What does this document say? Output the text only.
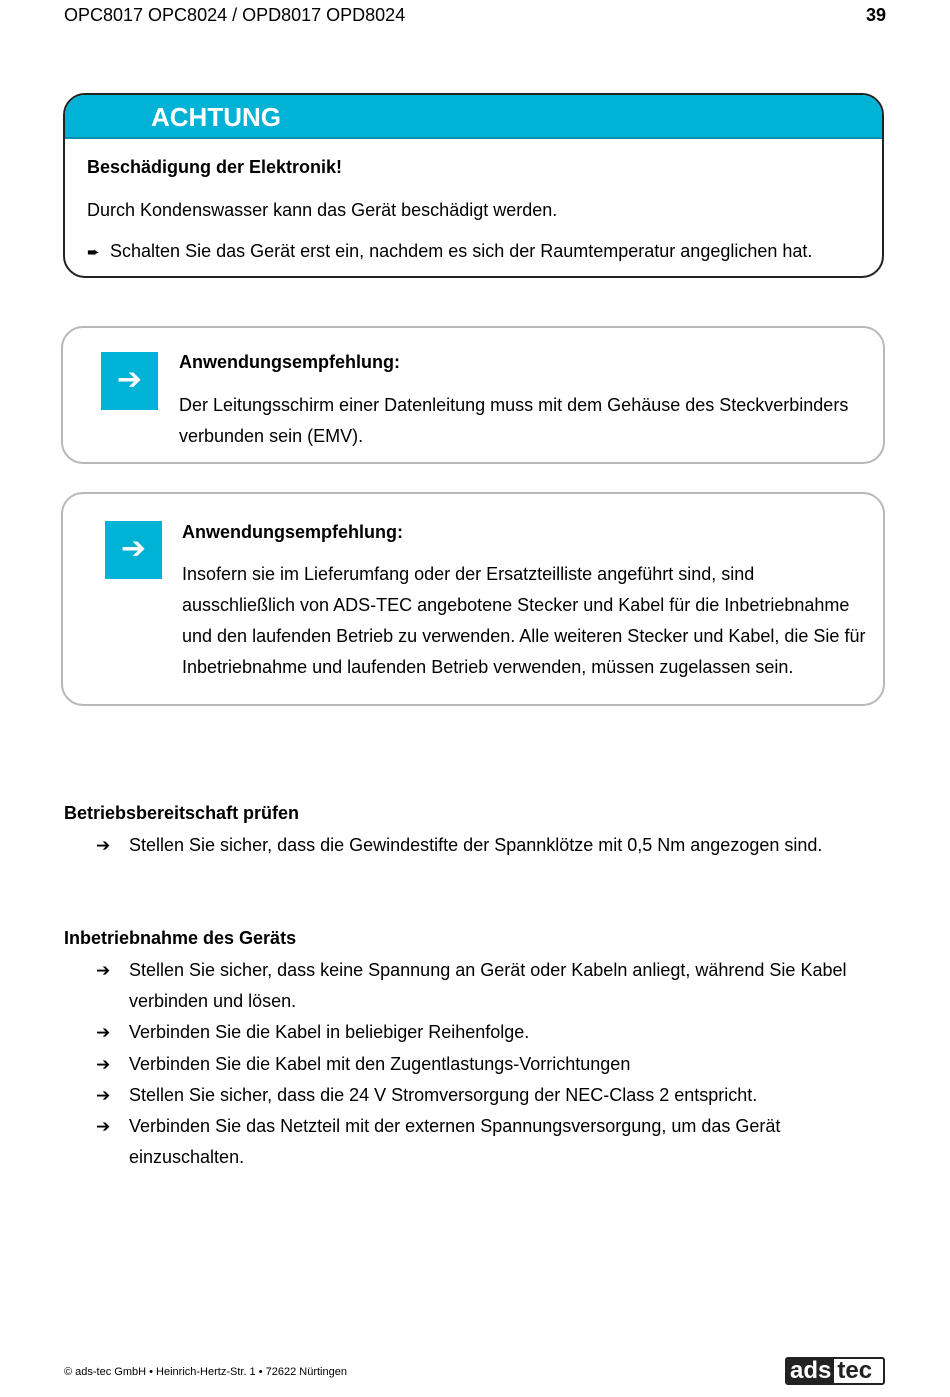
OPC8017 OPC8024 / OPD8017 OPD8024	39
ACHTUNG
Beschädigung der Elektronik!
Durch Kondenswasser kann das Gerät beschädigt werden.
➨ Schalten Sie das Gerät erst ein, nachdem es sich der Raumtemperatur angeglichen hat.
➔
Anwendungsempfehlung:
Der Leitungsschirm einer Datenleitung muss mit dem Gehäuse des Steckverbinders verbunden sein (EMV).
➔	Anwendungsempfehlung:
Insofern sie im Lieferumfang oder der Ersatzteilliste angeführt sind, sind ausschließlich von ADS-TEC angebotene Stecker und Kabel für die Inbetriebnahme und den laufenden Betrieb zu verwenden. Alle weiteren Stecker und Kabel, die Sie für Inbetriebnahme und laufenden Betrieb verwenden, müssen zugelassen sein.
Betriebsbereitschaft prüfen
➔ Stellen Sie sicher, dass die Gewindestifte der Spannklötze mit 0,5 Nm angezogen sind.
Inbetriebnahme des Geräts
➔ Stellen Sie sicher, dass keine Spannung an Gerät oder Kabeln anliegt, während Sie Kabel verbinden und lösen.
➔ Verbinden Sie die Kabel in beliebiger Reihenfolge.
➔ Verbinden Sie die Kabel mit den Zugentlastungs-Vorrichtungen
➔ Stellen Sie sicher, dass die 24 V Stromversorgung der NEC-Class 2 entspricht.
➔ Verbinden Sie das Netzteil mit der externen Spannungsversorgung, um das Gerät einzuschalten.
© ads-tec GmbH • Heinrich-Hertz-Str. 1 • 72622 Nürtingen	ads tec
